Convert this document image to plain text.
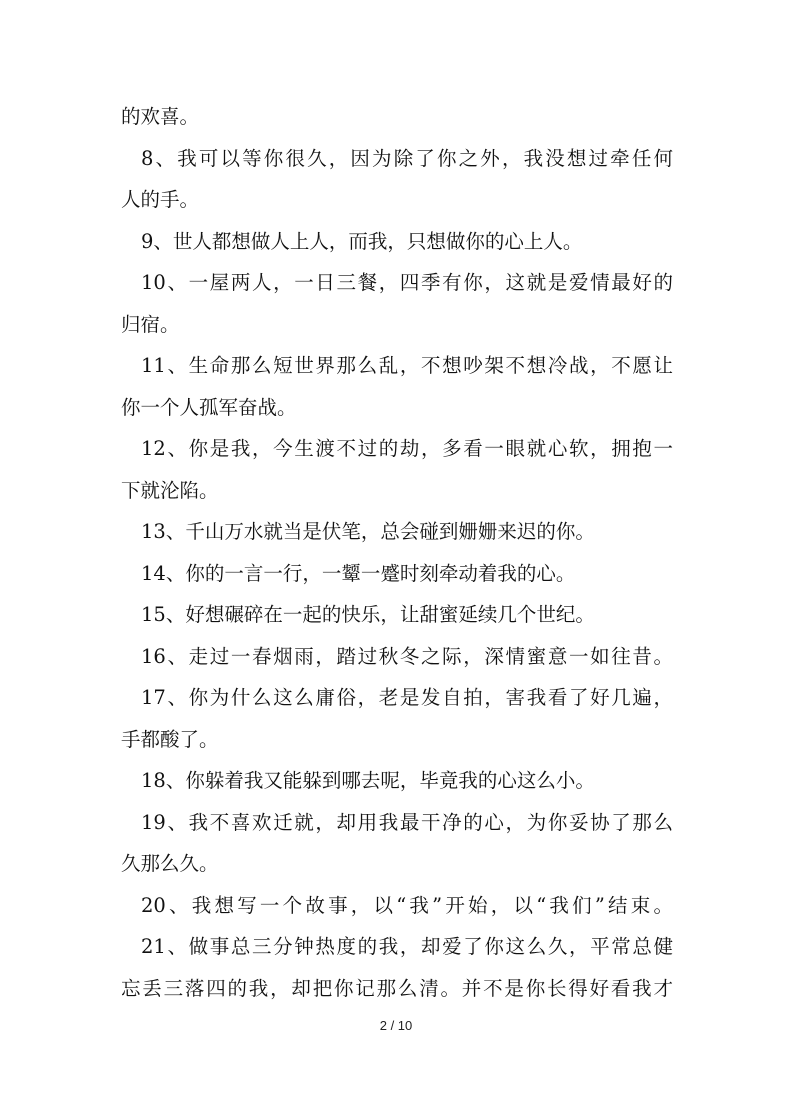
的欢喜。
8、我可以等你很久，因为除了你之外，我没想过牵任何
人的手。
9、世人都想做人上人，而我，只想做你的心上人。
10、一屋两人，一日三餐，四季有你，这就是爱情最好的
归宿。
11、生命那么短世界那么乱，不想吵架不想冷战，不愿让
你一个人孤军奋战。
12、你是我，今生渡不过的劫，多看一眼就心软，拥抱一
下就沦陷。
13、千山万水就当是伏笔，总会碰到姗姗来迟的你。
14、你的一言一行，一颦一蹙时刻牵动着我的心。
15、好想碾碎在一起的快乐，让甜蜜延续几个世纪。
16、走过一春烟雨，踏过秋冬之际，深情蜜意一如往昔。
17、你为什么这么庸俗，老是发自拍，害我看了好几遍，
手都酸了。
18、你躲着我又能躲到哪去呢，毕竟我的心这么小。
19、我不喜欢迁就，却用我最干净的心，为你妥协了那么
久那么久。
20、我想写一个故事，以“我”开始，以“我们”结束。
21、做事总三分钟热度的我，却爱了你这么久，平常总健
忘丢三落四的我，却把你记那么清。并不是你长得好看我才
2 / 10
